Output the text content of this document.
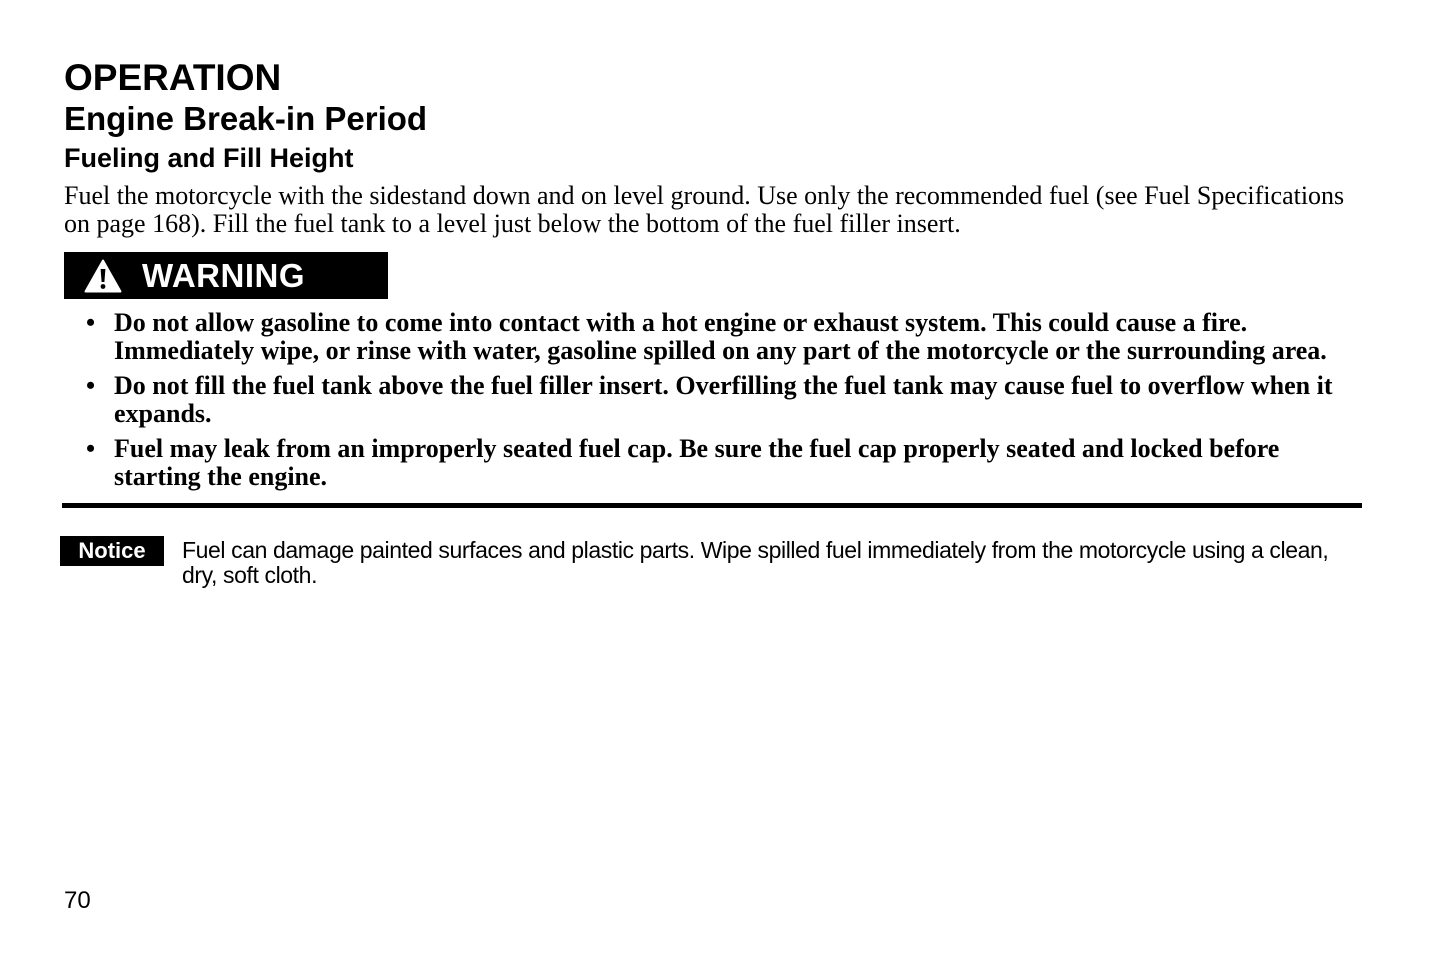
OPERATION
Engine Break-in Period
Fueling and Fill Height

Fuel the motorcycle with the sidestand down and on level ground. Use only the recommended fuel (see Fuel Specifications on page 168). Fill the fuel tank to a level just below the bottom of the fuel filler insert.

WARNING
• Do not allow gasoline to come into contact with a hot engine or exhaust system. This could cause a fire. Immediately wipe, or rinse with water, gasoline spilled on any part of the motorcycle or the surrounding area.
• Do not fill the fuel tank above the fuel filler insert. Overfilling the fuel tank may cause fuel to overflow when it expands.
• Fuel may leak from an improperly seated fuel cap. Be sure the fuel cap properly seated and locked before starting the engine.
Notice	Fuel can damage painted surfaces and plastic parts. Wipe spilled fuel immediately from the motorcycle using a clean, dry, soft cloth.
70
